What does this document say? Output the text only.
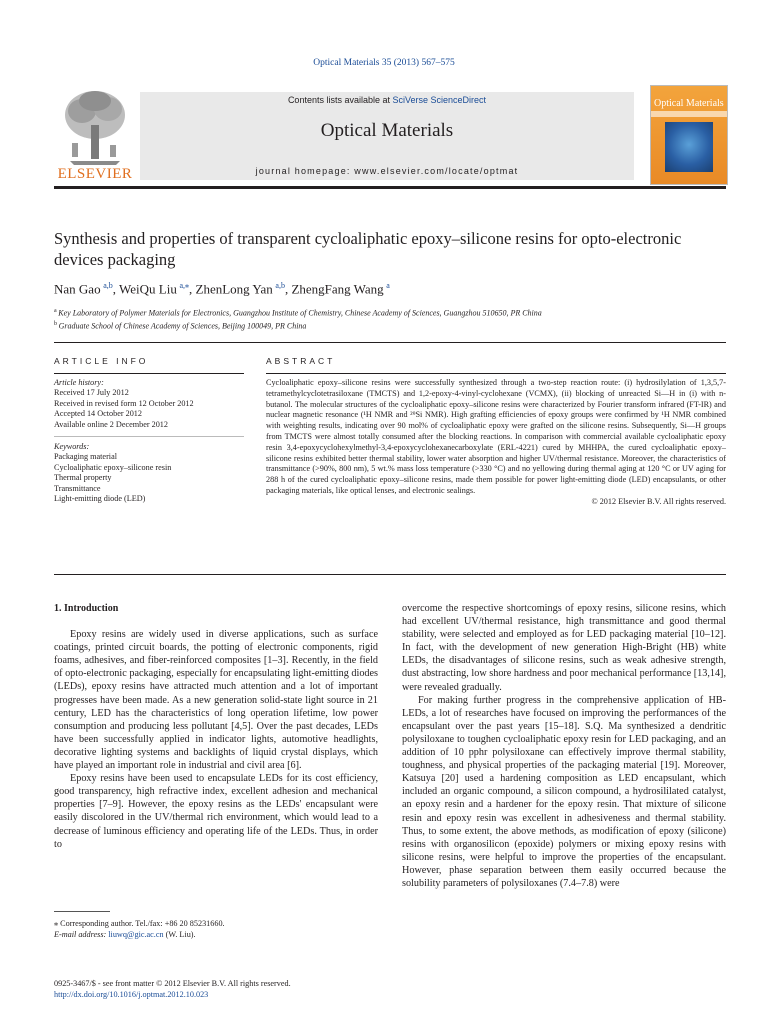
Optical Materials 35 (2013) 567–575
ELSEVIER
Contents lists available at SciVerse ScienceDirect
Optical Materials
journal homepage: www.elsevier.com/locate/optmat
Optical Materials
Synthesis and properties of transparent cycloaliphatic epoxy–silicone resins for opto-electronic devices packaging
Nan Gao  $^{a,b}$, WeiQu Liu  $^{a,⁎}$, ZhenLong Yan  $^{a,b}$, ZhengFang Wang  $^a$
$^a$  Key Laboratory of Polymer Materials for Electronics, Guangzhou Institute of Chemistry, Chinese Academy of Sciences, Guangzhou 510650, PR China
$^b$  Graduate School of Chinese Academy of Sciences, Beijing 100049, PR China
ARTICLE INFO	ABSTRACT
Article history:
Received 17 July 2012
Received in revised form 12 October 2012
Accepted 14 October 2012
Available online 2 December 2012
Keywords:
Packaging material
Cycloaliphatic epoxy–silicone resin
Thermal property
Transmittance
Light-emitting diode (LED)
Cycloaliphatic epoxy–silicone resins were successfully synthesized through a two-step reaction route: (i) hydrosilylation of 1,3,5,7-tetramethylcyclotetrasiloxane (TMCTS) and 1,2-epoxy-4-vinyl-cyclohexane (VCMX), (ii) blocking of unreacted Si—H in (i) with n-butanol. The molecular structures of the cycloaliphatic epoxy–silicone resins were characterized by Fourier transform infrared (FT-IR) and nuclear magnetic resonance (¹H NMR and ²⁹Si NMR). High grafting efficiencies of epoxy groups were confirmed by ¹H NMR combined with weighting results, indicating over 90 mol% of cycloaliphatic epoxy were grafted on the silicone resins. Subsequently, Si—H groups from TMCTS were almost totally consumed after the blocking reactions. In comparison with commercial available cycloaliphatic epoxy resin 3,4-epoxycyclohexylmethyl-3,4-epoxycyclohexanecarboxylate (ERL-4221) cured by MHHPA, the cured cycloaliphatic epoxy–silicone resins exhibited better thermal stability, lower water absorption and higher UV/thermal resistance. Moreover, the characteristics of transmittance (>90%, 800 nm), 5 wt.% mass loss temperature (>330 °C) and no yellowing during thermal aging at 120 °C or UV aging for 288 h of the cured cycloaliphatic epoxy–silicone resins, made them possible for power light-emitting diode (LED) encapsulants, or other packaging materials, like optical lenses, and electronic sealings.
© 2012 Elsevier B.V. All rights reserved.
1. Introduction

Epoxy resins are widely used in diverse applications, such as surface coatings, printed circuit boards, the potting of electronic components, rigid foams, adhesives, and fiber-reinforced composites [1–3]. Recently, in the field of opto-electronic packaging, especially for encapsulating light-emitting diodes (LEDs), epoxy resins have attracted much attention and a lot of important progresses have been made. As a new generation solid-state light source in 21 century, LED has the characteristics of long operation lifetime, low power consumption and producing less pollutant [4,5]. Over the past decades, LEDs have been successfully applied in indicator lights, automotive headlights, decorative lighting systems and backlights of liquid crystal displays, which have played an important role in industrial and civil area [6].

Epoxy resins have been used to encapsulate LEDs for its cost efficiency, good transparency, high refractive index, excellent adhesion and mechanical properties [7–9]. However, the epoxy resins as the LEDs' encapsulant were easily discolored in the UV/thermal rich environment, which would lead to a decrease of luminous efficiency and operating life of the LEDs. Thus, in order to

overcome the respective shortcomings of epoxy resins, silicone resins, which had excellent UV/thermal resistance, high transmittance and good thermal stability, were selected and employed as for LED packaging material [10–12]. In fact, with the development of new generation High-Bright (HB) white LEDs, the disadvantages of silicone resins, such as weak adhesive strength, dust abstracting, low shore hardness and poor mechanical performance [13,14], were revealed gradually.

For making further progress in the comprehensive application of HB-LEDs, a lot of researches have focused on improving the performances of the encapsulant over the past years [15–18]. S.Q. Ma synthesized a dendritic polysiloxane to toughen cycloaliphatic epoxy resin for LED packaging, and an addition of 10 pphr polysiloxane can effectively improve thermal stability, toughness, and physical properties of the packaging material [19]. Moreover, Katsuya [20] used a hardening composition as LED encapsulant, which included an organic compound, a silicon compound, a hydrosililated catalyst, an epoxy resin and a hardener for the epoxy resin. That mixture of silicone resin and epoxy resin was excellent in adhesiveness and thermal stability. Thus, to some extent, the above methods, as modification of epoxy (silicone) resins with organosilicon (epoxide) polymers or mixing epoxy resins with silicone resins, were helpful to improve the properties of the encapsulant. However, phase separation between them easily occurred because the solubility parameters of polysiloxanes (7.4–7.8) were

⁎ Corresponding author. Tel./fax: +86 20 85231660.
E-mail address: liuwq@gic.ac.cn (W. Liu).
0925-3467/$ - see front matter © 2012 Elsevier B.V. All rights reserved.
http://dx.doi.org/10.1016/j.optmat.2012.10.023
